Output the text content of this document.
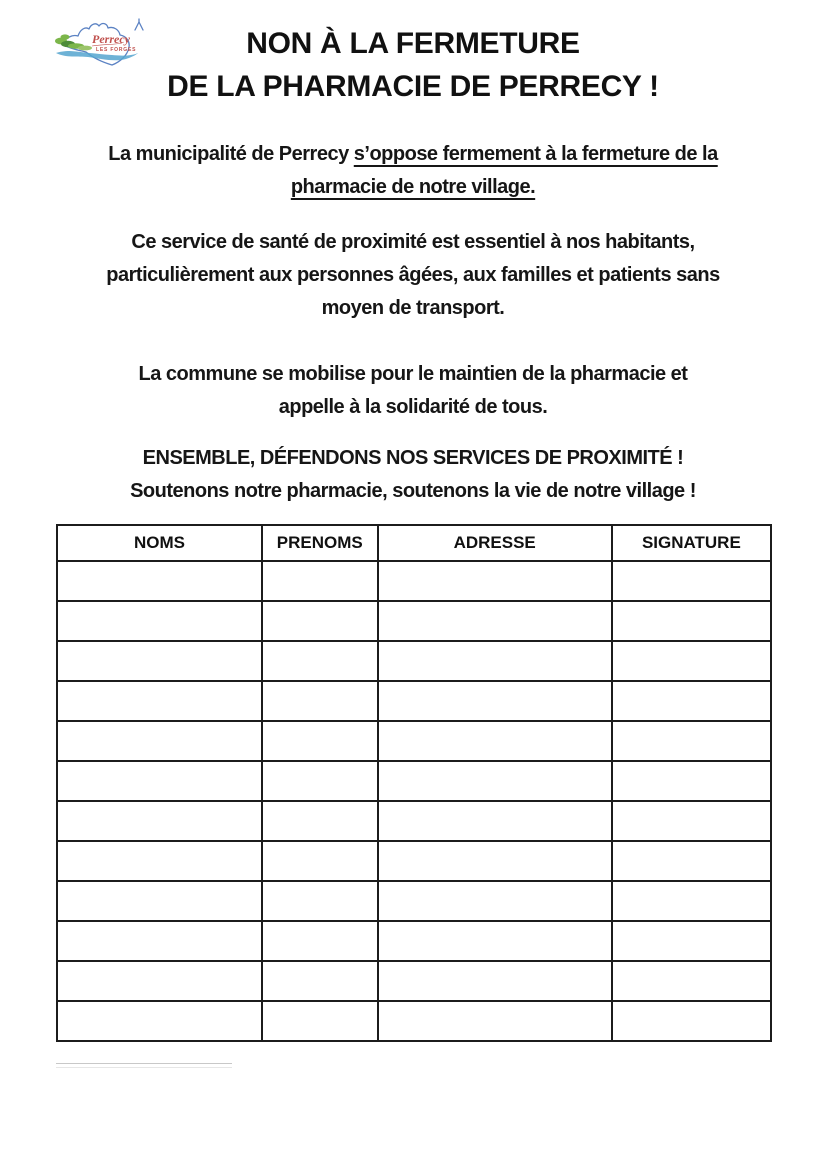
Perrecy
LES FORGES	NON À LA FERMETURE
DE LA PHARMACIE DE PERRECY !
La municipalité de Perrecy s’oppose fermement à la fermeture de la
pharmacie de notre village.
Ce service de santé de proximité est essentiel à nos habitants,
particulièrement aux personnes âgées, aux familles et patients sans
moyen de transport.
La commune se mobilise pour le maintien de la pharmacie et
appelle à la solidarité de tous.
ENSEMBLE, DÉFENDONS NOS SERVICES DE PROXIMITÉ !
Soutenons notre pharmacie, soutenons la vie de notre village !
NOMS	PRENOMS	ADRESSE	SIGNATURE
